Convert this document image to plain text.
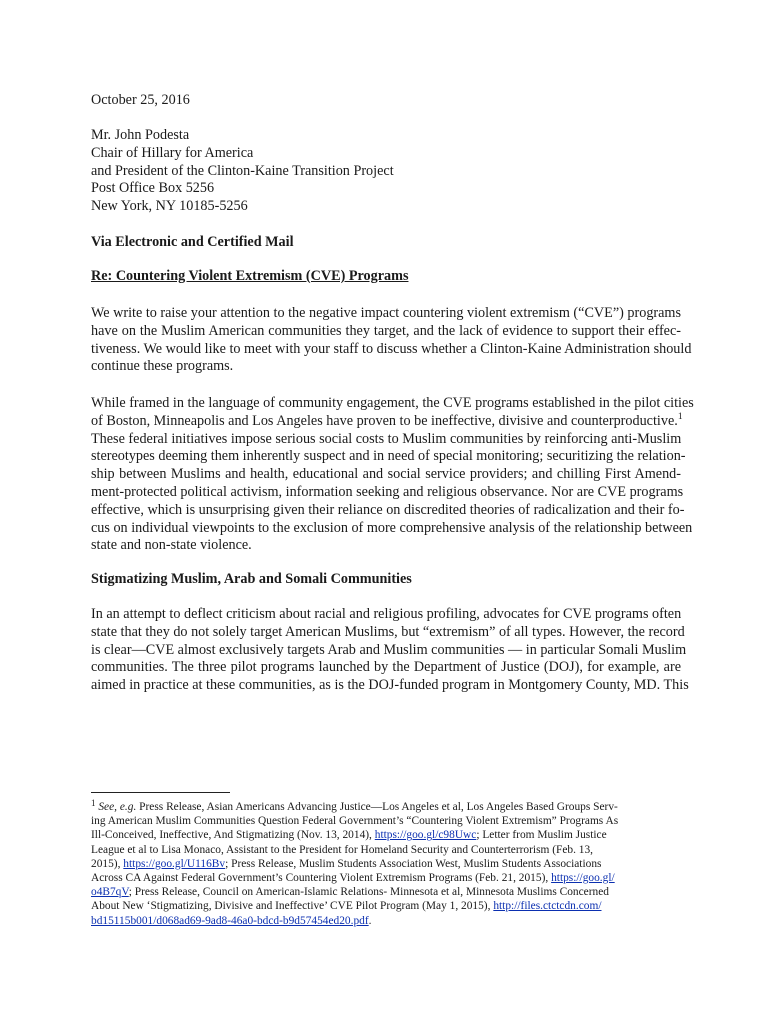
October 25, 2016
Mr. John Podesta
Chair of Hillary for America
and President of the Clinton-Kaine Transition Project
Post Office Box 5256
New York, NY 10185-5256
Via Electronic and Certified Mail
Re: Countering Violent Extremism (CVE) Programs
We write to raise your attention to the negative impact countering violent extremism (“CVE”) programs
have on the Muslim American communities they target, and the lack of evidence to support their effec-
tiveness. We would like to meet with your staff to discuss whether a Clinton-Kaine Administration should
continue these programs.
While framed in the language of community engagement, the CVE programs established in the pilot cities
of Boston, Minneapolis and Los Angeles have proven to be ineffective, divisive and counterproductive.$^1$
These federal initiatives impose serious social costs to Muslim communities by reinforcing anti-Muslim
stereotypes deeming them inherently suspect and in need of special monitoring; securitizing the relation-
ship between Muslims and health, educational and social service providers; and chilling First Amend-
ment-protected political activism, information seeking and religious observance. Nor are CVE programs
effective, which is unsurprising given their reliance on discredited theories of radicalization and their fo-
cus on individual viewpoints to the exclusion of more comprehensive analysis of the relationship between
state and non-state violence.
Stigmatizing Muslim, Arab and Somali Communities
In an attempt to deflect criticism about racial and religious profiling, advocates for CVE programs often
state that they do not solely target American Muslims, but “extremism” of all types. However, the record
is clear—CVE almost exclusively targets Arab and Muslim communities — in particular Somali Muslim
communities. The three pilot programs launched by the Department of Justice (DOJ), for example, are
aimed in practice at these communities, as is the DOJ-funded program in Montgomery County, MD. This
$^1$ See, e.g. Press Release, Asian Americans Advancing Justice—Los Angeles et al, Los Angeles Based Groups Serv-
ing American Muslim Communities Question Federal Government’s “Countering Violent Extremism” Programs As
Ill-Conceived, Ineffective, And Stigmatizing (Nov. 13, 2014), https://goo.gl/c98Uwc; Letter from Muslim Justice
League et al to Lisa Monaco, Assistant to the President for Homeland Security and Counterterrorism (Feb. 13,
2015), https://goo.gl/U116Bv; Press Release, Muslim Students Association West, Muslim Students Associations
Across CA Against Federal Government’s Countering Violent Extremism Programs (Feb. 21, 2015), https://goo.gl/
o4B7qV; Press Release, Council on American-Islamic Relations- Minnesota et al, Minnesota Muslims Concerned
About New ‘Stigmatizing, Divisive and Ineffective’ CVE Pilot Program (May 1, 2015), http://files.ctctcdn.com/
bd15115b001/d068ad69-9ad8-46a0-bdcd-b9d57454ed20.pdf.
